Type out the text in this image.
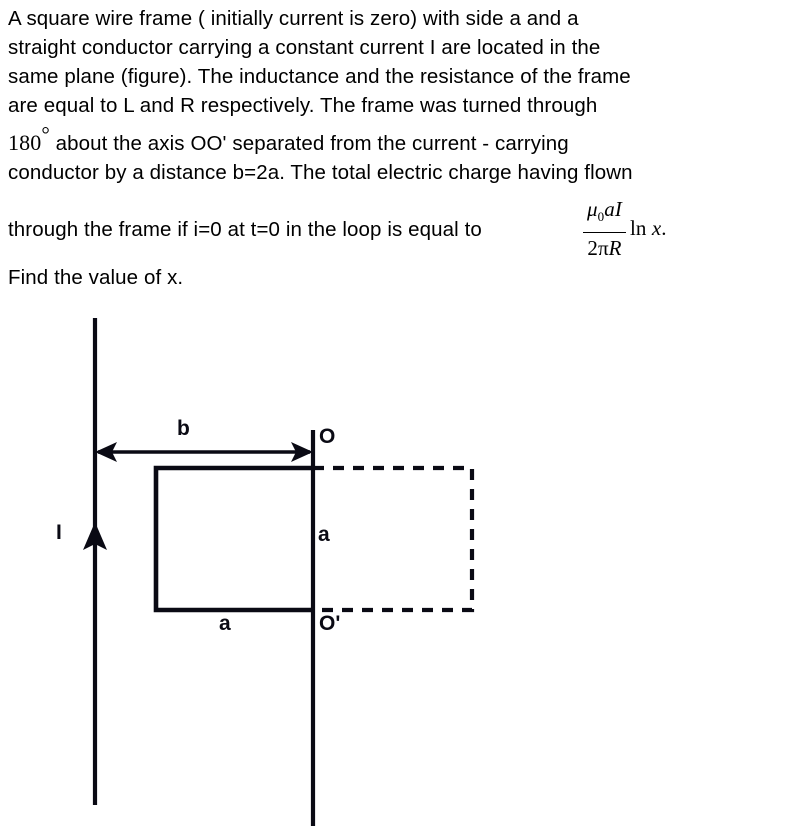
A square wire frame ( initially current is zero) with side a and a
straight conductor carrying a constant current I are located in the
same plane (figure). The inductance and the resistance of the frame
are equal to L and R respectively. The frame was turned through
180° about the axis OO' separated from the current - carrying
conductor by a distance b=2a. The total electric charge having flown
through the frame if i=0 at t=0 in the loop is equal to	$\frac{\mu_0aI}{2\pi R}$ ln x.
Find the value of x.
I
b	O
a
a	O'
